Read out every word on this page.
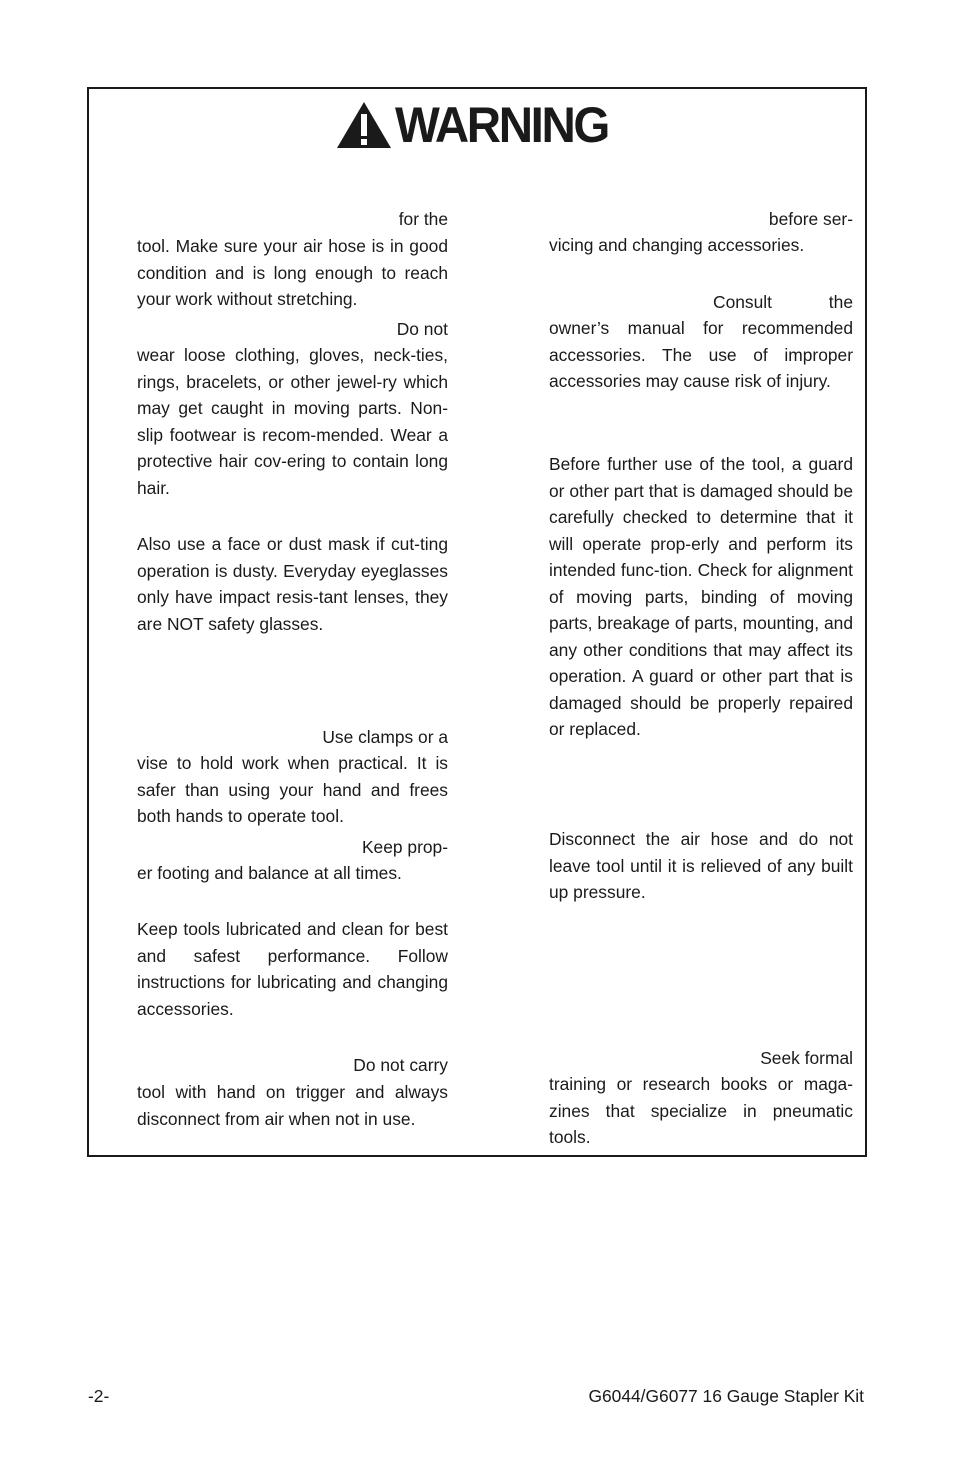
WARNING

for the

tool. Make sure your air hose is in good condition and is long enough to reach your work without stretching.

Do not

wear loose clothing, gloves, neck-ties, rings, bracelets, or other jewel-ry which may get caught in moving parts. Non-slip footwear is recom-mended. Wear a protective hair cov-ering to contain long hair.

Also use a face or dust mask if cut-ting operation is dusty. Everyday eyeglasses only have impact resis-tant lenses, they are NOT safety glasses.

Use clamps or a

vise to hold work when practical. It is safer than using your hand and frees both hands to operate tool.

Keep prop-

er footing and balance at all times.

Keep tools lubricated and clean for best and safest performance. Follow instructions for lubricating and changing accessories.

Do not carry

tool with hand on trigger and always disconnect from air when not in use.

before ser-

vicing and changing accessories.

Consult the

owner’s manual for recommended accessories. The use of improper accessories may cause risk of injury.

Before further use of the tool, a guard or other part that is damaged should be carefully checked to determine that it will operate prop-erly and perform its intended func-tion. Check for alignment of moving parts, binding of moving parts, breakage of parts, mounting, and any other conditions that may affect its operation. A guard or other part that is damaged should be properly repaired or replaced.

Disconnect the air hose and do not leave tool until it is relieved of any built up pressure.

Seek formal

training or research books or maga-zines that specialize in pneumatic tools.

-2-	G6044/G6077 16 Gauge Stapler Kit
